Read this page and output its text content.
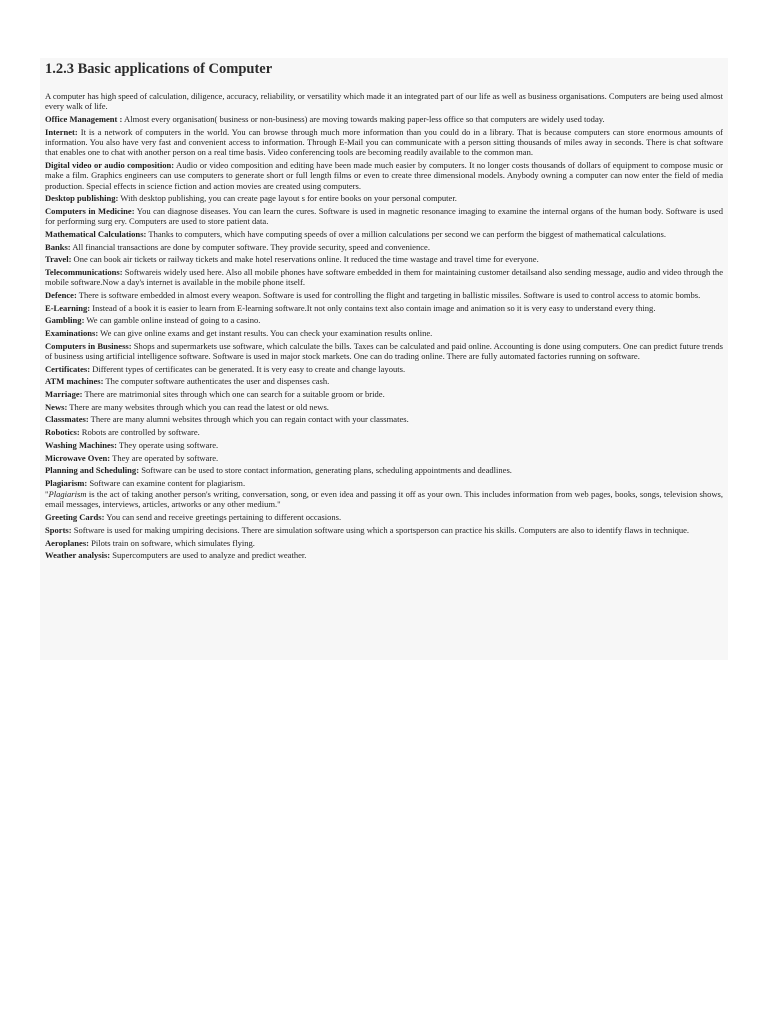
1.2.3 Basic applications of Computer
A computer has high speed of calculation, diligence, accuracy, reliability, or versatility which made it an integrated part of our life as well as business organisations. Computers are being used almost every walk of life.
Office Management : Almost every organisation( business or non-business) are moving towards making paper-less office so that computers are widely used today.
Internet: It is a network of computers in the world. You can browse through much more information than you could do in a library. That is because computers can store enormous amounts of information. You also have very fast and convenient access to information. Through E-Mail you can communicate with a person sitting thousands of miles away in seconds. There is chat software that enables one to chat with another person on a real time basis. Video conferencing tools are becoming readily available to the common man.
Digital video or audio composition: Audio or video composition and editing have been made much easier by computers. It no longer costs thousands of dollars of equipment to compose music or make a film. Graphics engineers can use computers to generate short or full length films or even to create three dimensional models. Anybody owning a computer can now enter the field of media production. Special effects in science fiction and action movies are created using computers.
Desktop publishing: With desktop publishing, you can create page layout s for entire books on your personal computer.
Computers in Medicine: You can diagnose diseases. You can learn the cures. Software is used in magnetic resonance imaging to examine the internal organs of the human body. Software is used for performing surg ery. Computers are used to store patient data.
Mathematical Calculations: Thanks to computers, which have computing speeds of over a million calculations per second we can perform the biggest of mathematical calculations.
Banks: All financial transactions are done by computer software. They provide security, speed and convenience.
Travel: One can book air tickets or railway tickets and make hotel reservations online. It reduced the time wastage and travel time for everyone.
Telecommunications: Softwareis widely used here. Also all mobile phones have software embedded in them for maintaining customer detailsand also sending message, audio and video through the mobile software.Now a day's internet is available in the mobile phone itself.
Defence: There is software embedded in almost every weapon. Software is used for controlling the flight and targeting in ballistic missiles. Software is used to control access to atomic bombs.
E-Learning: Instead of a book it is easier to learn from E-learning software.It not only contains text also contain image and animation so it is very easy to understand every thing.
Gambling: We can gamble online instead of going to a casino.
Examinations: We can give online exams and get instant results. You can check your examination results online.
Computers in Business: Shops and supermarkets use software, which calculate the bills. Taxes can be calculated and paid online. Accounting is done using computers. One can predict future trends of business using artificial intelligence software. Software is used in major stock markets. One can do trading online. There are fully automated factories running on software.
Certificates: Different types of certificates can be generated. It is very easy to create and change layouts.
ATM machines: The computer software authenticates the user and dispenses cash.
Marriage: There are matrimonial sites through which one can search for a suitable groom or bride.
News: There are many websites through which you can read the latest or old news.
Classmates: There are many alumni websites through which you can regain contact with your classmates.
Robotics: Robots are controlled by software.
Washing Machines: They operate using software.
Microwave Oven: They are operated by software.
Planning and Scheduling: Software can be used to store contact information, generating plans, scheduling appointments and deadlines.
Plagiarism: Software can examine content for plagiarism.
"Plagiarism is the act of taking another person's writing, conversation, song, or even idea and passing it off as your own. This includes information from web pages, books, songs, television shows, email messages, interviews, articles, artworks or any other medium."
Greeting Cards: You can send and receive greetings pertaining to different occasions.
Sports: Software is used for making umpiring decisions. There are simulation software using which a sportsperson can practice his skills. Computers are also to identify flaws in technique.
Aeroplanes: Pilots train on software, which simulates flying.
Weather analysis: Supercomputers are used to analyze and predict weather.
